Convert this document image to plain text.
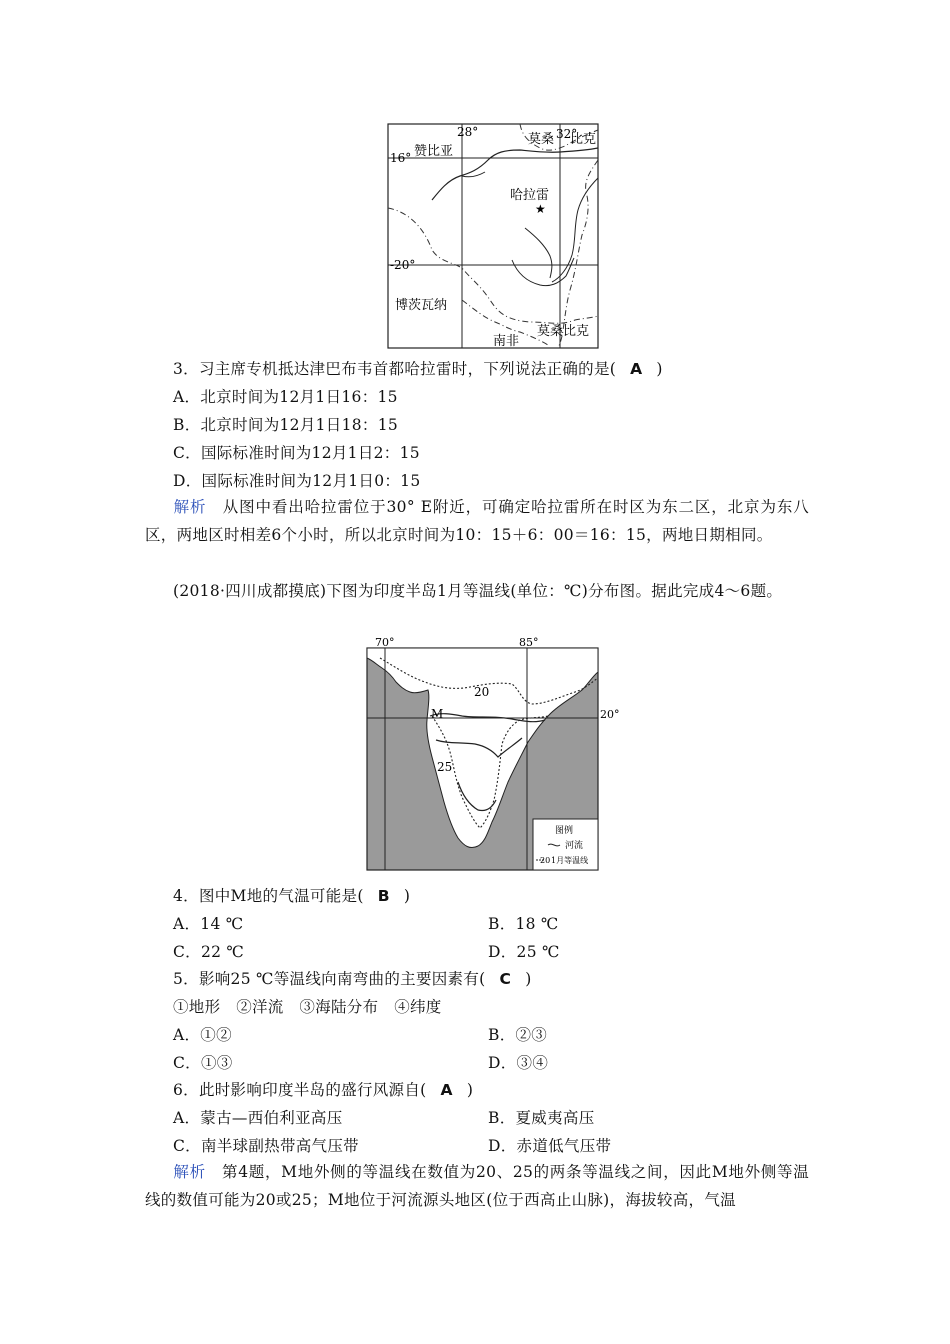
28°	32°
16°
-20°
赞比亚
莫桑 比克
哈拉雷
★
博茨瓦纳
南非
莫桑比克
3．习主席专机抵达津巴布韦首都哈拉雷时，下列说法正确的是( A )
A．北京时间为12月1日16：15
B．北京时间为12月1日18：15
C．国际标准时间为12月1日2：15
D．国际标准时间为12月1日0：15
解析　 从图中看出哈拉雷位于30° E附近，可确定哈拉雷所在时区为东二区，北京为东八区，两地区时相差6个小时，所以北京时间为10：15＋6：00＝16：15，两地日期相同。
(2018·四川成都摸底)下图为印度半岛1月等温线(单位：℃)分布图。据此完成4～6题。
70°	85°
20°
20
25
M
图例
河流
20 1月等温线
4．图中M地的气温可能是( B )
A．14 ℃	B．18 ℃
C．22 ℃	D．25 ℃
5．影响25 ℃等温线向南弯曲的主要因素有( C )
①地形　②洋流　③海陆分布　④纬度
A．①②	B．②③
C．①③	D．③④
6．此时影响印度半岛的盛行风源自( A )
A．蒙古—西伯利亚高压	B．夏威夷高压
C．南半球副热带高气压带	D．赤道低气压带
解析　 第4题，M地外侧的等温线在数值为20、25的两条等温线之间，因此M地外侧等温线的数值可能为20或25；M地位于河流源头地区(位于西高止山脉)，海拔较高，气温
